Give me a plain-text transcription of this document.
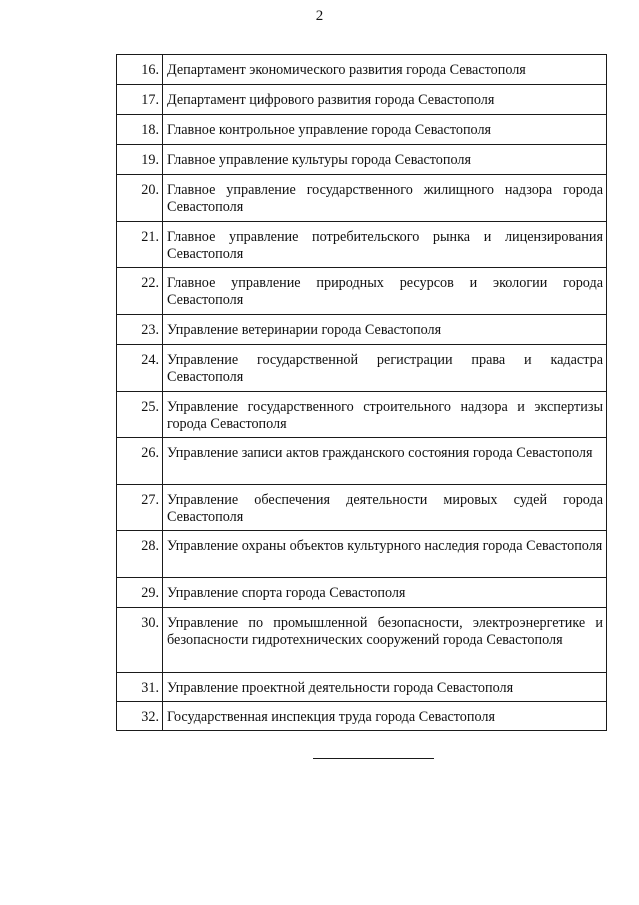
2
16.	Департамент экономического развития города Севастополя
17.	Департамент цифрового развития города Севастополя
18.	Главное контрольное управление города Севастополя
19.	Главное управление культуры города Севастополя
20.	Главное управление государственного жилищного надзора города Севастополя
21.	Главное управление потребительского рынка и лицензирования Севастополя
22.	Главное управление природных ресурсов и экологии города Севастополя
23.	Управление ветеринарии города Севастополя
24.	Управление государственной регистрации права и кадастра Севастополя
25.	Управление государственного строительного надзора и экспертизы города Севастополя
26.	Управление записи актов гражданского состояния города Севастополя
27.	Управление обеспечения деятельности мировых судей города Севастополя
28.	Управление охраны объектов культурного наследия города Севастополя
29.	Управление спорта города Севастополя
30.	Управление по промышленной безопасности, электроэнергетике и безопасности гидротехнических сооружений города Севастополя
31.	Управление проектной деятельности города Севастополя
32.	Государственная инспекция труда города Севастополя
